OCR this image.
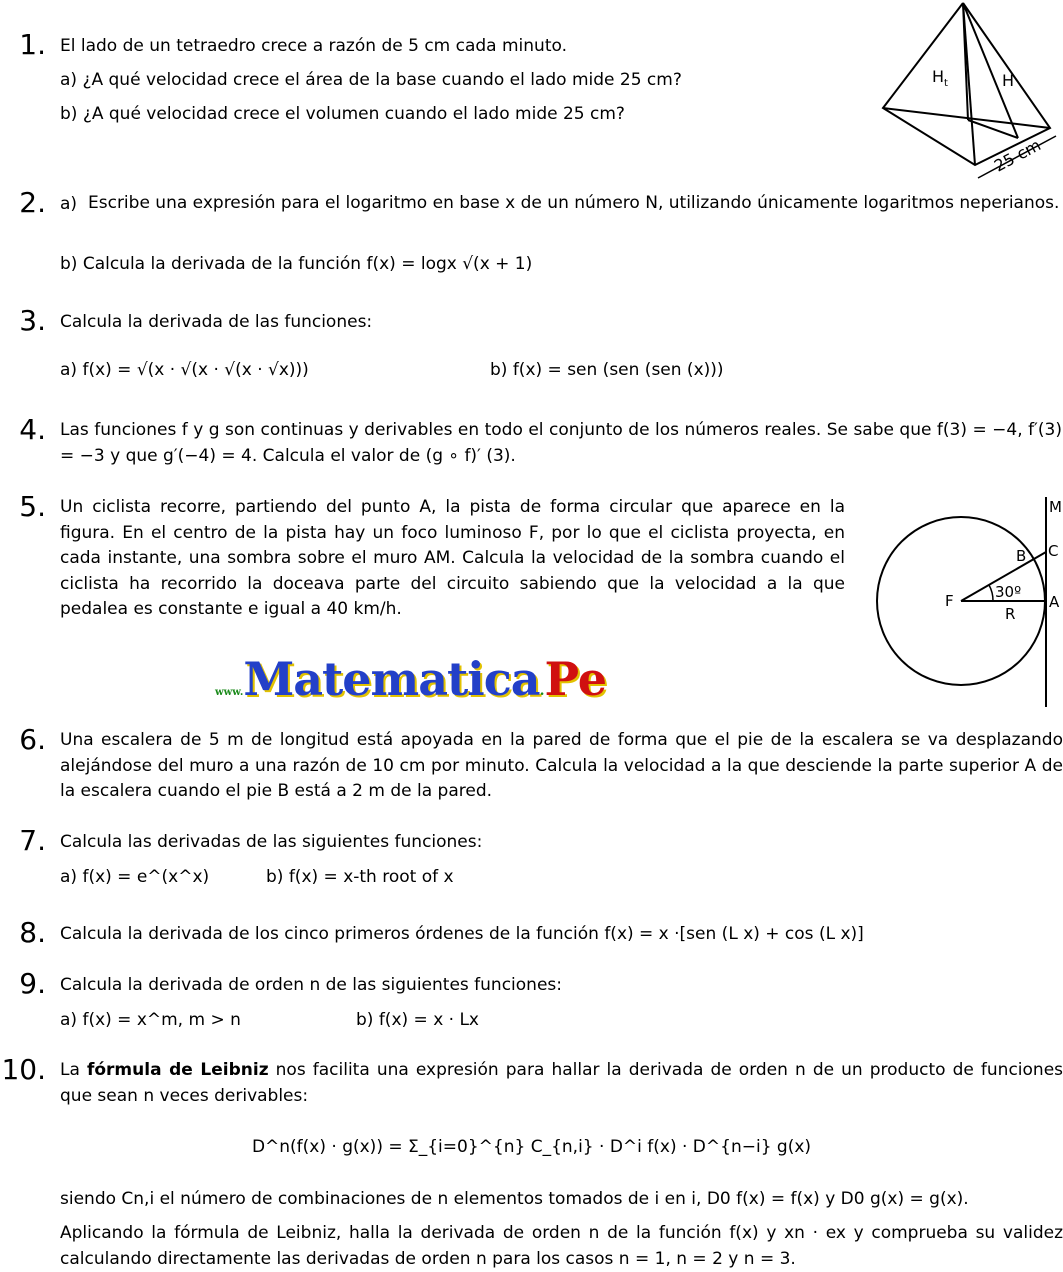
1. El lado de un tetraedro crece a razón de 5 cm cada minuto.
a) ¿A qué velocidad crece el área de la base cuando el lado mide 25 cm?
b) ¿A qué velocidad crece el volumen cuando el lado mide 25 cm?
$H_t$	H
25 cm
2. a) Escribe una expresión para el logaritmo en base x de un número N, utilizando únicamente logaritmos neperianos.
b) Calcula la derivada de la función f(x) = logx √(x + 1)
3. Calcula la derivada de las funciones:
a) f(x) = √(x · √(x · √(x · √x)))	b) f(x) = sen (sen (sen (x)))
4. Las funciones f y g son continuas y derivables en todo el conjunto de los números reales. Se sabe que f(3) = −4, f′(3) = −3 y que g′(−4) = 4. Calcula el valor de (g ∘ f)′ (3).
5. Un ciclista recorre, partiendo del punto A, la pista de forma circular que aparece en la figura. En el centro de la pista hay un foco luminoso F, por lo que el ciclista proyecta, en cada instante, una sombra sobre el muro AM. Calcula la velocidad de la sombra cuando el ciclista ha recorrido la doceava parte del circuito sabiendo que la velocidad a la que pedalea es constante e igual a 40 km/h.
M
B C
F	A
R
30º
www.Matematica.Pe
6. Una escalera de 5 m de longitud está apoyada en la pared de forma que el pie de la escalera se va desplazando alejándose del muro a una razón de 10 cm por minuto. Calcula la velocidad a la que desciende la parte superior A de la escalera cuando el pie B está a 2 m de la pared.
7. Calcula las derivadas de las siguientes funciones:
a) f(x) = e^(x^x)	b) f(x) = x-th root of x
8. Calcula la derivada de los cinco primeros órdenes de la función f(x) = x ·[sen (L x) + cos (L x)]
9. Calcula la derivada de orden n de las siguientes funciones:
a) f(x) = x^m, m > n	b) f(x) = x · Lx
10. La fórmula de Leibniz nos facilita una expresión para hallar la derivada de orden n de un producto de funciones que sean n veces derivables:
D^n(f(x) · g(x)) = Σ_{i=0}^{n} C_{n,i} · D^i f(x) · D^{n−i} g(x)
siendo Cn,i el número de combinaciones de n elementos tomados de i en i, D0 f(x) = f(x) y D0 g(x) = g(x).
Aplicando la fórmula de Leibniz, halla la derivada de orden n de la función f(x) y xn · ex y comprueba su validez calculando directamente las derivadas de orden n para los casos n = 1, n = 2 y n = 3.
